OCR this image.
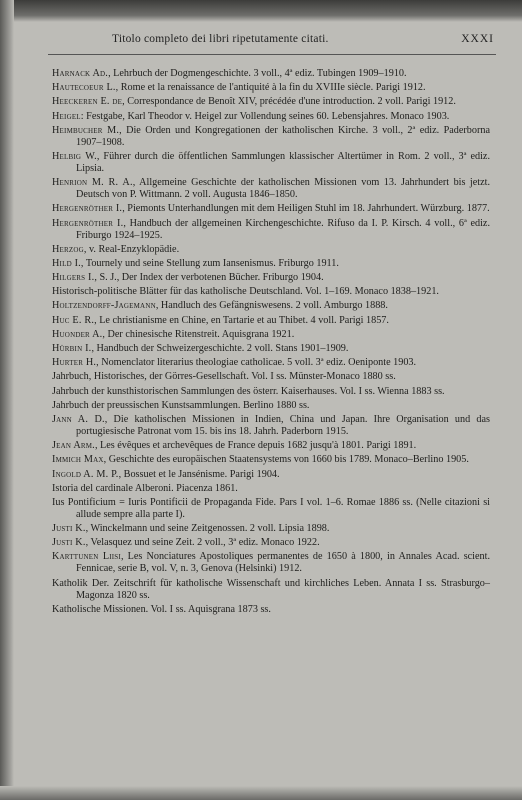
Titolo completo dei libri ripetutamente citati.	XXXI

Harnack Ad., Lehrbuch der Dogmengeschichte. 3 voll., 4ª ediz. Tubingen 1909–1910.

Hautecoeur L., Rome et la renaissance de l'antiquité à la fin du XVIIIe siècle. Parigi 1912.

Heeckeren E. de, Correspondance de Benoît XIV, précédée d'une introduction. 2 voll. Parigi 1912.

Heigel: Festgabe, Karl Theodor v. Heigel zur Vollendung seines 60. Lebensjahres. Monaco 1903.

Heimbucher M., Die Orden und Kongregationen der katholischen Kirche. 3 voll., 2ª ediz. Paderborna 1907–1908.

Helbig W., Führer durch die öffentlichen Sammlungen klassischer Altertümer in Rom. 2 voll., 3ª ediz. Lipsia.

Henrion M. R. A., Allgemeine Geschichte der katholischen Missionen vom 13. Jahrhundert bis jetzt. Deutsch von P. Wittmann. 2 voll. Augusta 1846–1850.

Hergenröther I., Piemonts Unterhandlungen mit dem Heiligen Stuhl im 18. Jahrhundert. Würzburg. 1877.

Hergenröther I., Handbuch der allgemeinen Kirchengeschichte. Rifuso da I. P. Kirsch. 4 voll., 6ª ediz. Friburgo 1924–1925.

Herzog, v. Real-Enzyklopädie.

Hild I., Tournely und seine Stellung zum Iansenismus. Friburgo 1911.

Hilgers I., S. J., Der Index der verbotenen Bücher. Friburgo 1904.

Historisch-politische Blätter für das katholische Deutschland. Vol. 1–169. Monaco 1838–1921.

Holtzendorff-Jagemann, Handluch des Gefängniswesens. 2 voll. Amburgo 1888.

Huc E. R., Le christianisme en Chine, en Tartarie et au Thibet. 4 voll. Parigi 1857.

Huonder A., Der chinesische Ritenstreit. Aquisgrana 1921.

Hürbin I., Handbuch der Schweizergeschichte. 2 voll. Stans 1901–1909.

Hurter H., Nomenclator literarius theologiae catholicae. 5 voll. 3ª ediz. Oeniponte 1903.

Jahrbuch, Historisches, der Görres-Gesellschaft. Vol. I ss. Münster-Monaco 1880 ss.

Jahrbuch der kunsthistorischen Sammlungen des österr. Kaiserhauses. Vol. I ss. Wienna 1883 ss.

Jahrbuch der preussischen Kunstsammlungen. Berlino 1880 ss.

Jann A. D., Die katholischen Missionen in Indien, China und Japan. Ihre Organisation und das portugiesische Patronat vom 15. bis ins 18. Jahrh. Paderborn 1915.

Jean Arm., Les évêques et archevêques de France depuis 1682 jusqu'à 1801. Parigi 1891.

Immich Max, Geschichte des europäischen Staatensystems von 1660 bis 1789. Monaco–Berlino 1905.

Ingold A. M. P., Bossuet et le Jansénisme. Parigi 1904.

Istoria del cardinale Alberoni. Piacenza 1861.

Ius Pontificium = Iuris Pontificii de Propaganda Fide. Pars I vol. 1–6. Romae 1886 ss. (Nelle citazioni si allude sempre alla parte I).

Justi K., Winckelmann und seine Zeitgenossen. 2 voll. Lipsia 1898.

Justi K., Velasquez und seine Zeit. 2 voll., 3ª ediz. Monaco 1922.

Karttunen Liisi, Les Nonciatures Apostoliques permanentes de 1650 à 1800, in Annales Acad. scient. Fennicae, serie B, vol. V, n. 3, Genova (Helsinki) 1912.

Katholik Der. Zeitschrift für katholische Wissenschaft und kirchliches Leben. Annata I ss. Strasburgo–Magonza 1820 ss.

Katholische Missionen. Vol. I ss. Aquisgrana 1873 ss.
